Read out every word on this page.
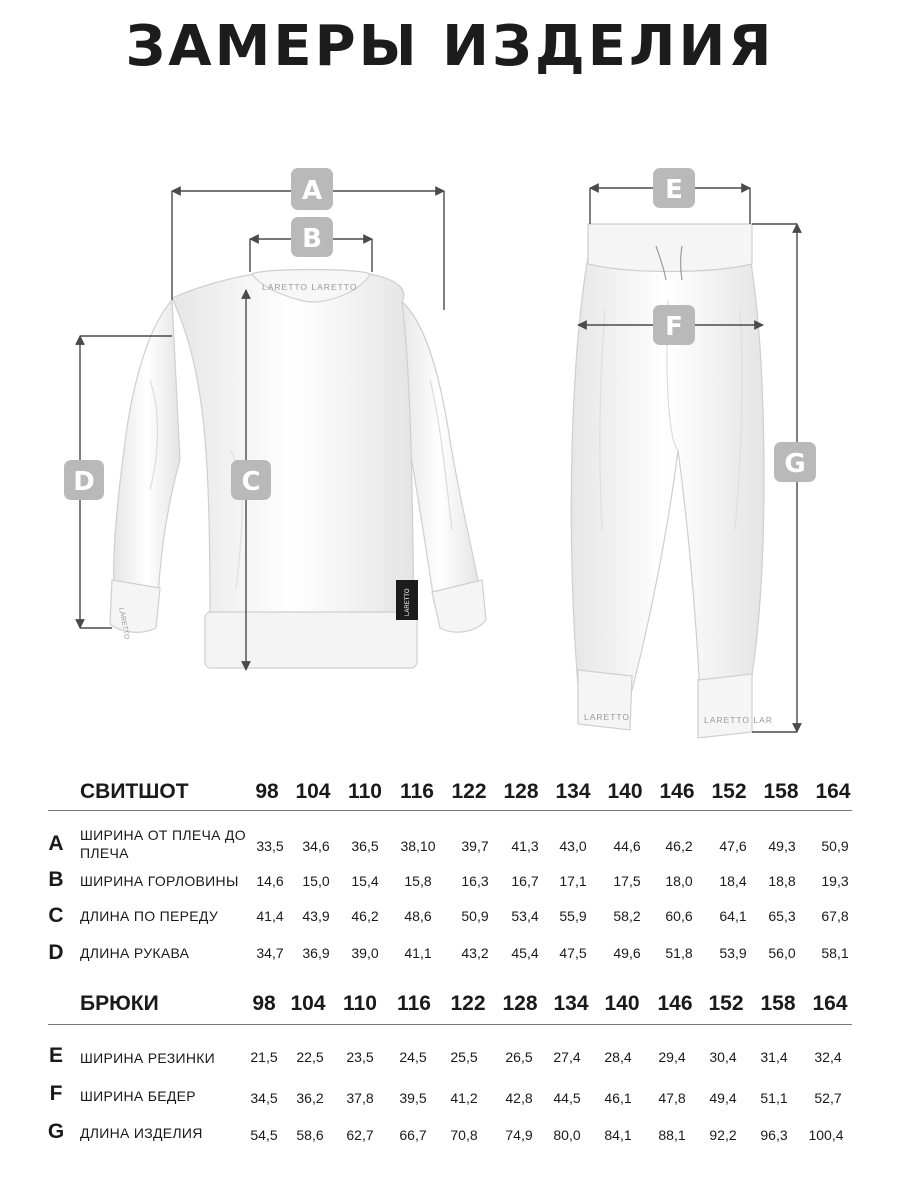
ЗАМЕРЫ ИЗДЕЛИЯ
LARETTO LARETTO
LARETTO
LARETTO
LARETTO	LARETTO LAR
A
B
C
D
E
F
G
СВИТШОТ	98 104 110 116 122 128 134 140 146 152 158 164
A	ШИРИНА ОТ ПЛЕЧА ДО ПЛЕЧА	33,5	34,6	36,5	38,10	39,7	41,3	43,0	44,6	46,2	47,6	49,3	50,9
B	ШИРИНА ГОРЛОВИНЫ	14,6	15,0	15,4	15,8	16,3	16,7	17,1	17,5	18,0	18,4	18,8	19,3
C	ДЛИНА ПО ПЕРЕДУ	41,4	43,9	46,2	48,6	50,9	53,4	55,9	58,2	60,6	64,1	65,3	67,8
D	ДЛИНА РУКАВА	34,7	36,9	39,0	41,1	43,2	45,4	47,5	49,6	51,8	53,9	56,0	58,1
БРЮКИ	98 104 110 116 122 128 134 140 146 152 158 164
E	ШИРИНА РЕЗИНКИ	21,5	22,5	23,5	24,5	25,5	26,5	27,4	28,4	29,4	30,4	31,4	32,4
F	ШИРИНА БЕДЕР	34,5	36,2	37,8	39,5	41,2	42,8	44,5	46,1	47,8	49,4	51,1	52,7
G ДЛИНА ИЗДЕЛИЯ	54,5	58,6	62,7	66,7	70,8	74,9	80,0	84,1	88,1	92,2	96,3	100,4
